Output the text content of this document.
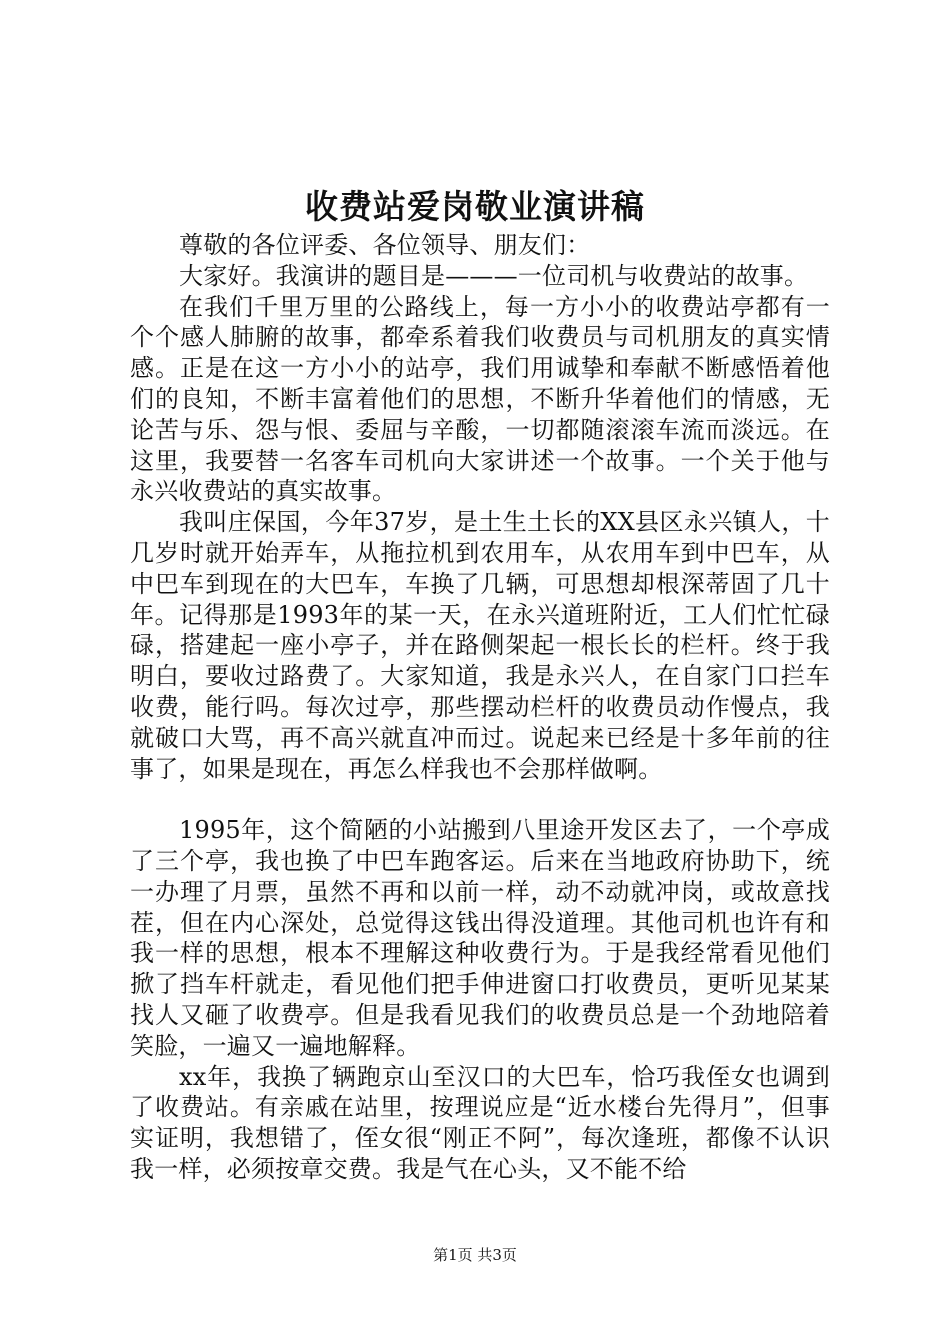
收费站爱岗敬业演讲稿

尊敬的各位评委、各位领导、朋友们：

大家好。我演讲的题目是———一位司机与收费站的故事。

在我们千里万里的公路线上，每一方小小的收费站亭都有一个个感人肺腑的故事，都牵系着我们收费员与司机朋友的真实情感。正是在这一方小小的站亭，我们用诚挚和奉献不断感悟着他们的良知，不断丰富着他们的思想，不断升华着他们的情感，无论苦与乐、怨与恨、委屈与辛酸，一切都随滚滚车流而淡远。在这里，我要替一名客车司机向大家讲述一个故事。一个关于他与永兴收费站的真实故事。

我叫庄保国，今年37岁，是土生土长的XX县区永兴镇人，十几岁时就开始弄车，从拖拉机到农用车，从农用车到中巴车，从中巴车到现在的大巴车，车换了几辆，可思想却根深蒂固了几十年。记得那是1993年的某一天，在永兴道班附近，工人们忙忙碌碌，搭建起一座小亭子，并在路侧架起一根长长的栏杆。终于我明白，要收过路费了。大家知道，我是永兴人，在自家门口拦车收费，能行吗。每次过亭，那些摆动栏杆的收费员动作慢点，我就破口大骂，再不高兴就直冲而过。说起来已经是十多年前的往事了，如果是现在，再怎么样我也不会那样做啊。

1995年，这个简陋的小站搬到八里途开发区去了，一个亭成了三个亭，我也换了中巴车跑客运。后来在当地政府协助下，统一办理了月票，虽然不再和以前一样，动不动就冲岗，或故意找茬，但在内心深处，总觉得这钱出得没道理。其他司机也许有和我一样的思想，根本不理解这种收费行为。于是我经常看见他们掀了挡车杆就走，看见他们把手伸进窗口打收费员，更听见某某找人又砸了收费亭。但是我看见我们的收费员总是一个劲地陪着笑脸，一遍又一遍地解释。

xx年，我换了辆跑京山至汉口的大巴车，恰巧我侄女也调到了收费站。有亲戚在站里，按理说应是“近水楼台先得月”，但事实证明，我想错了，侄女很“刚正不阿”，每次逢班，都像不认识我一样，必须按章交费。我是气在心头，又不能不给

第1页 共3页
